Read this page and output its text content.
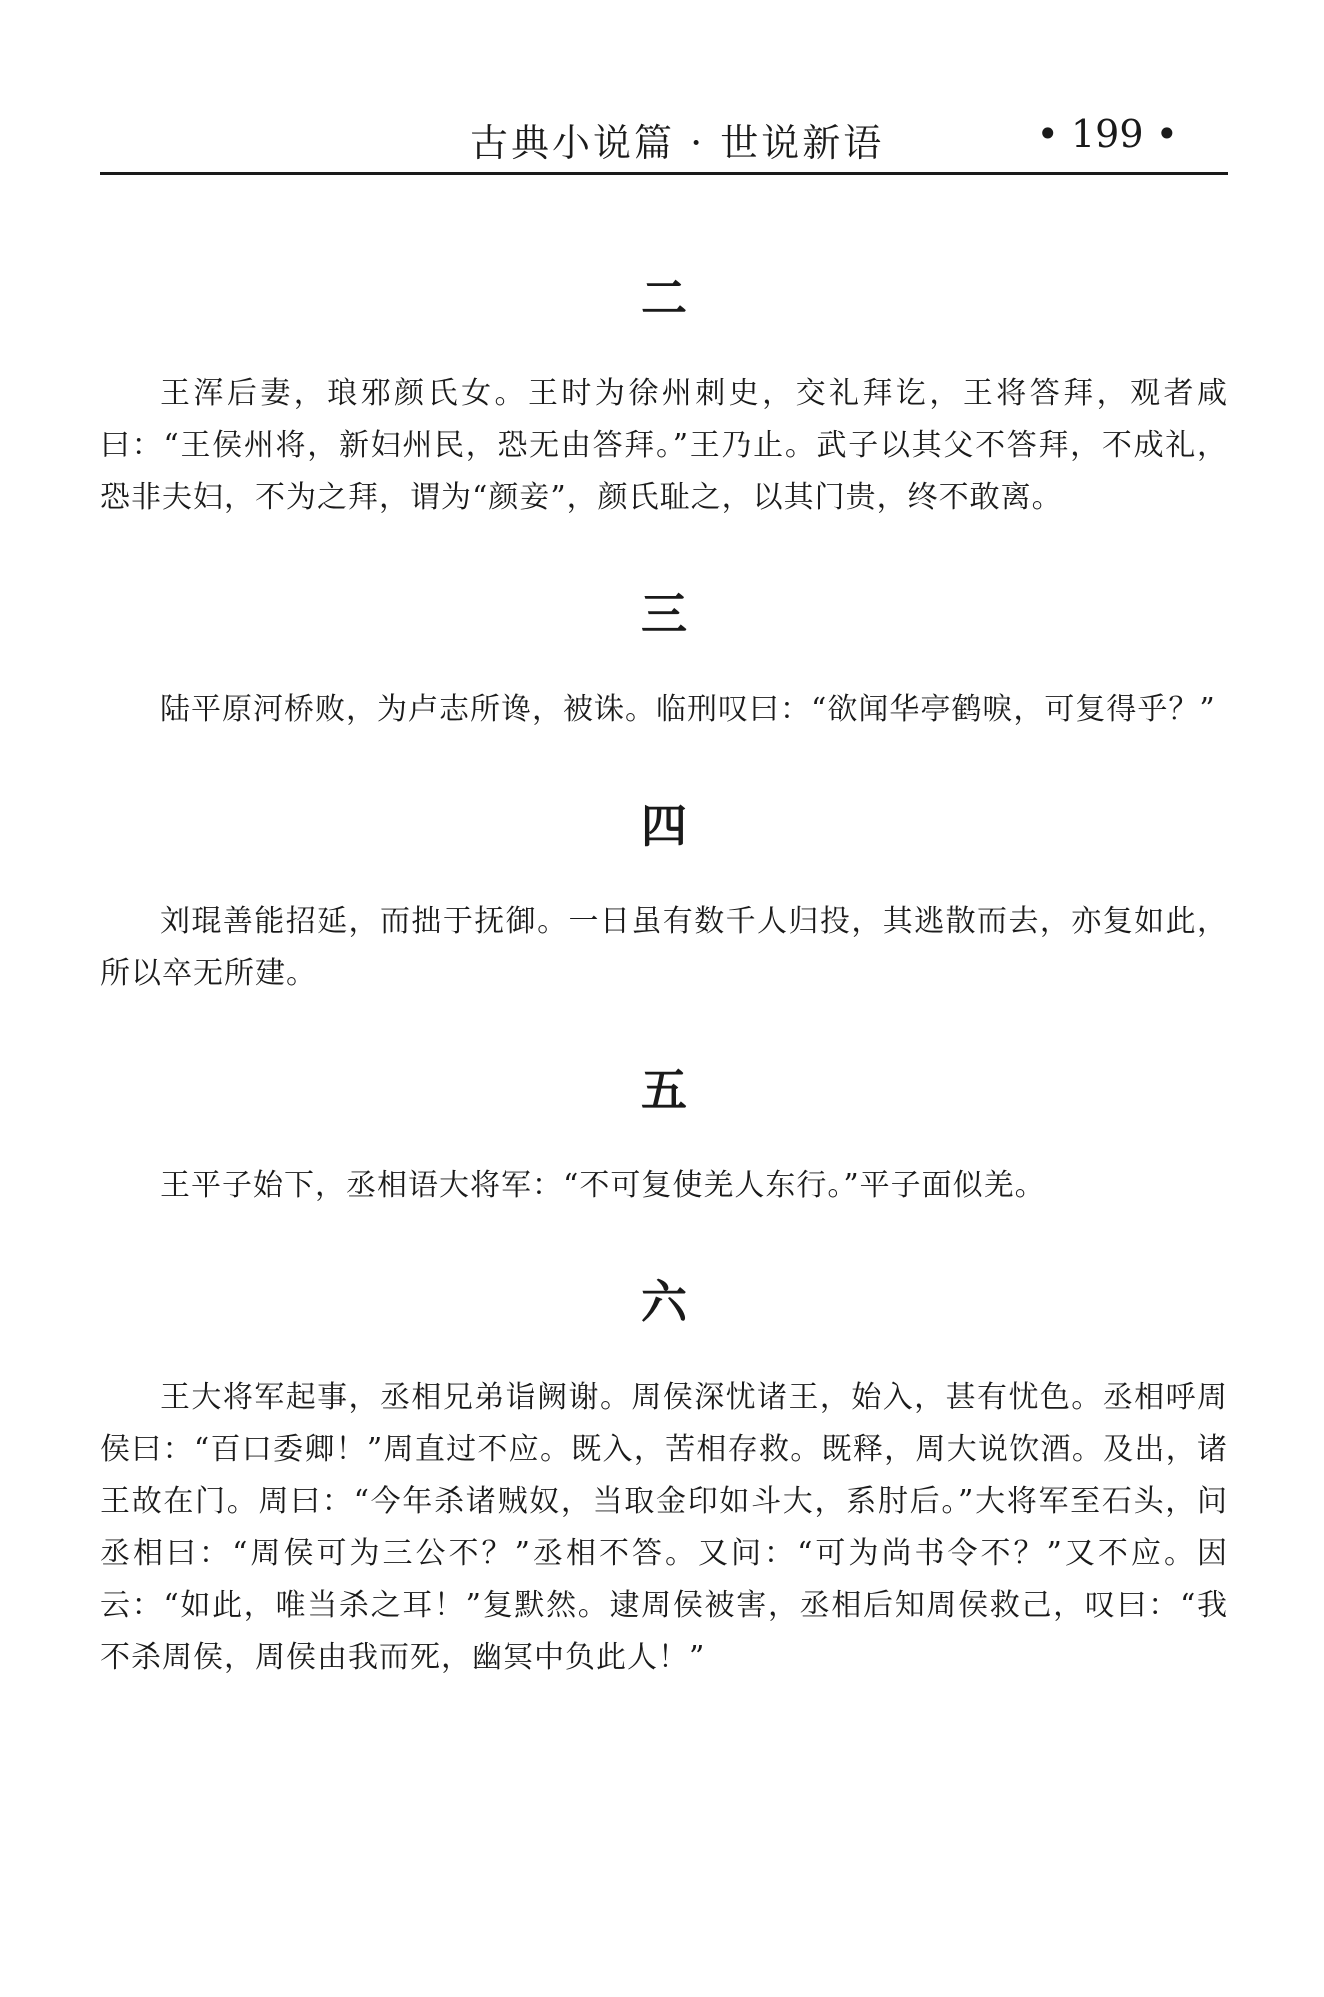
古典小说篇 · 世说新语	• 199 •
二

王浑后妻，琅邪颜氏女。王时为徐州刺史，交礼拜讫，王将答拜，观者咸曰：“王侯州将，新妇州民，恐无由答拜。”王乃止。武子以其父不答拜，不成礼，恐非夫妇，不为之拜，谓为“颜妾”，颜氏耻之，以其门贵，终不敢离。

三

陆平原河桥败，为卢志所谗，被诛。临刑叹曰：“欲闻华亭鹤唳，可复得乎？”

四

刘琨善能招延，而拙于抚御。一日虽有数千人归投，其逃散而去，亦复如此，所以卒无所建。

五

王平子始下，丞相语大将军：“不可复使羌人东行。”平子面似羌。

六

王大将军起事，丞相兄弟诣阙谢。周侯深忧诸王，始入，甚有忧色。丞相呼周侯曰：“百口委卿！”周直过不应。既入，苦相存救。既释，周大说饮酒。及出，诸王故在门。周曰：“今年杀诸贼奴，当取金印如斗大，系肘后。”大将军至石头，问丞相曰：“周侯可为三公不？”丞相不答。又问：“可为尚书令不？”又不应。因云：“如此，唯当杀之耳！”复默然。逮周侯被害，丞相后知周侯救己，叹曰：“我不杀周侯，周侯由我而死，幽冥中负此人！”
